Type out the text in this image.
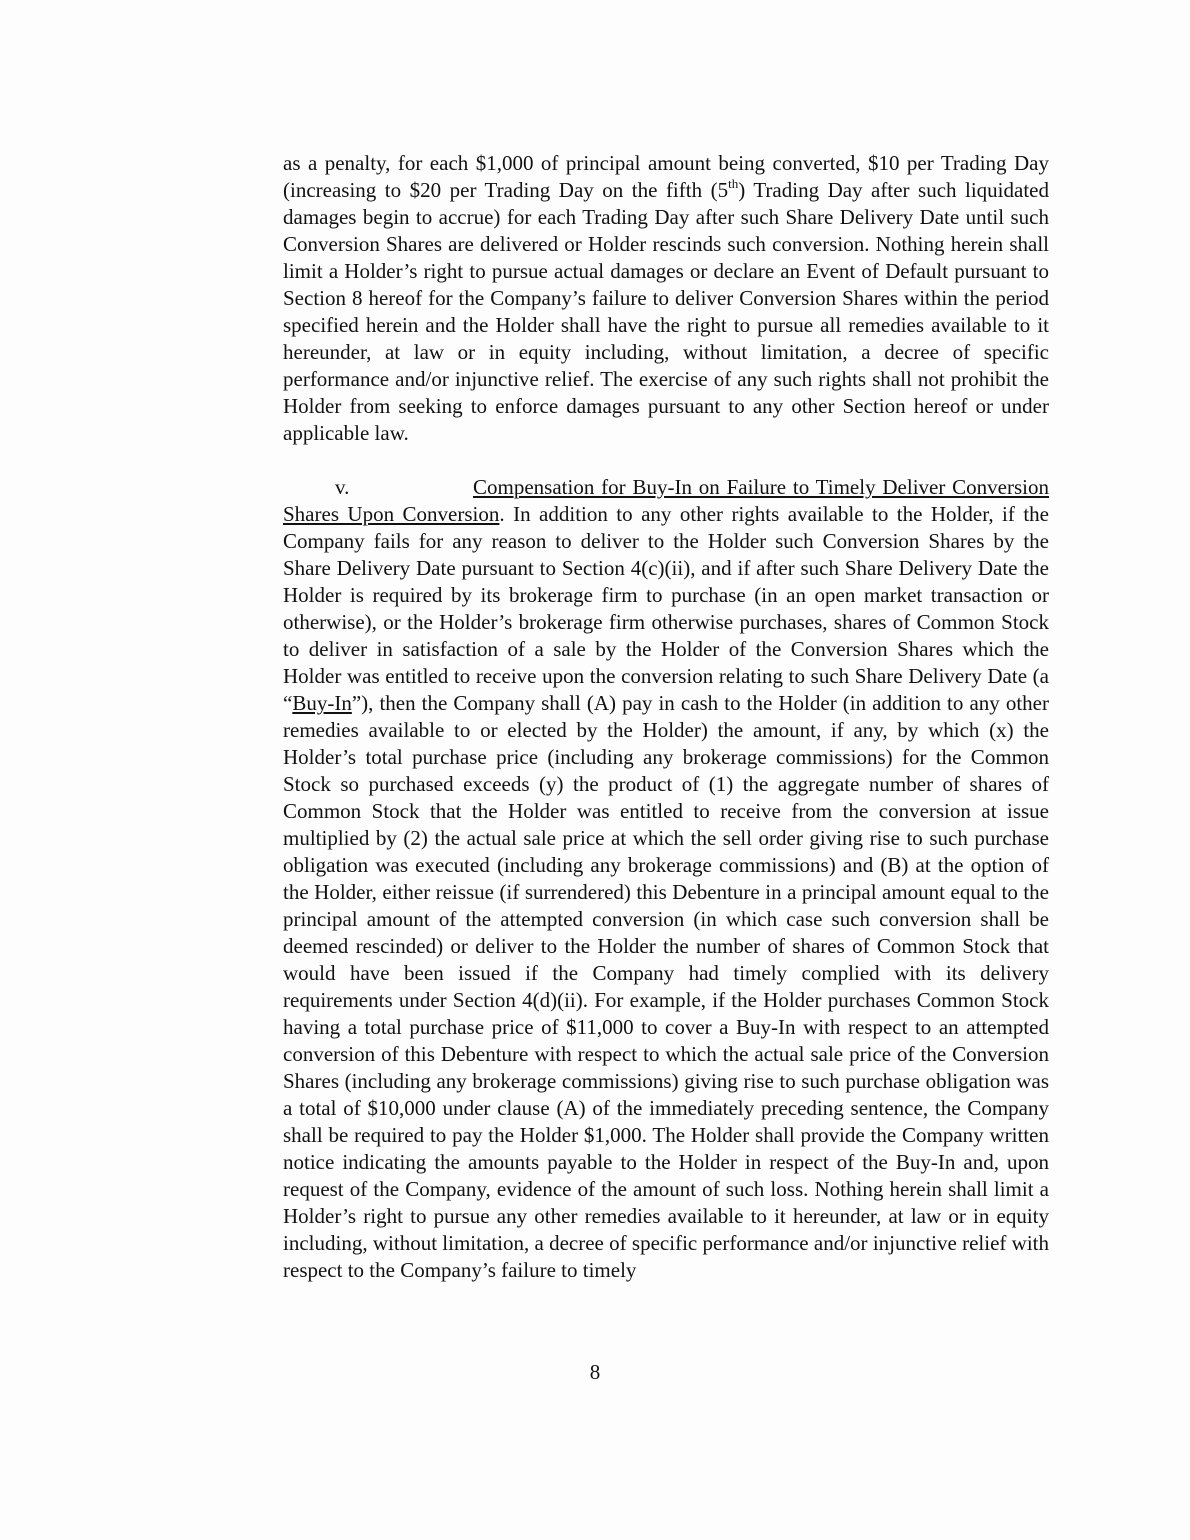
as a penalty, for each $1,000 of principal amount being converted, $10 per Trading Day (increasing to $20 per Trading Day on the fifth (5th) Trading Day after such liquidated damages begin to accrue) for each Trading Day after such Share Delivery Date until such Conversion Shares are delivered or Holder rescinds such conversion. Nothing herein shall limit a Holder’s right to pursue actual damages or declare an Event of Default pursuant to Section 8 hereof for the Company’s failure to deliver Conversion Shares within the period specified herein and the Holder shall have the right to pursue all remedies available to it hereunder, at law or in equity including, without limitation, a decree of specific performance and/or injunctive relief. The exercise of any such rights shall not prohibit the Holder from seeking to enforce damages pursuant to any other Section hereof or under applicable law.

v.	Compensation for Buy-In on Failure to Timely Deliver Conversion Shares Upon Conversion. In addition to any other rights available to the Holder, if the Company fails for any reason to deliver to the Holder such Conversion Shares by the Share Delivery Date pursuant to Section 4(c)(ii), and if after such Share Delivery Date the Holder is required by its brokerage firm to purchase (in an open market transaction or otherwise), or the Holder’s brokerage firm otherwise purchases, shares of Common Stock to deliver in satisfaction of a sale by the Holder of the Conversion Shares which the Holder was entitled to receive upon the conversion relating to such Share Delivery Date (a “Buy-In”), then the Company shall (A) pay in cash to the Holder (in addition to any other remedies available to or elected by the Holder) the amount, if any, by which (x) the Holder’s total purchase price (including any brokerage commissions) for the Common Stock so purchased exceeds (y) the product of (1) the aggregate number of shares of Common Stock that the Holder was entitled to receive from the conversion at issue multiplied by (2) the actual sale price at which the sell order giving rise to such purchase obligation was executed (including any brokerage commissions) and (B) at the option of the Holder, either reissue (if surrendered) this Debenture in a principal amount equal to the principal amount of the attempted conversion (in which case such conversion shall be deemed rescinded) or deliver to the Holder the number of shares of Common Stock that would have been issued if the Company had timely complied with its delivery requirements under Section 4(d)(ii). For example, if the Holder purchases Common Stock having a total purchase price of $11,000 to cover a Buy-In with respect to an attempted conversion of this Debenture with respect to which the actual sale price of the Conversion Shares (including any brokerage commissions) giving rise to such purchase obligation was a total of $10,000 under clause (A) of the immediately preceding sentence, the Company shall be required to pay the Holder $1,000. The Holder shall provide the Company written notice indicating the amounts payable to the Holder in respect of the Buy-In and, upon request of the Company, evidence of the amount of such loss. Nothing herein shall limit a Holder’s right to pursue any other remedies available to it hereunder, at law or in equity including, without limitation, a decree of specific performance and/or injunctive relief with respect to the Company’s failure to timely

8
